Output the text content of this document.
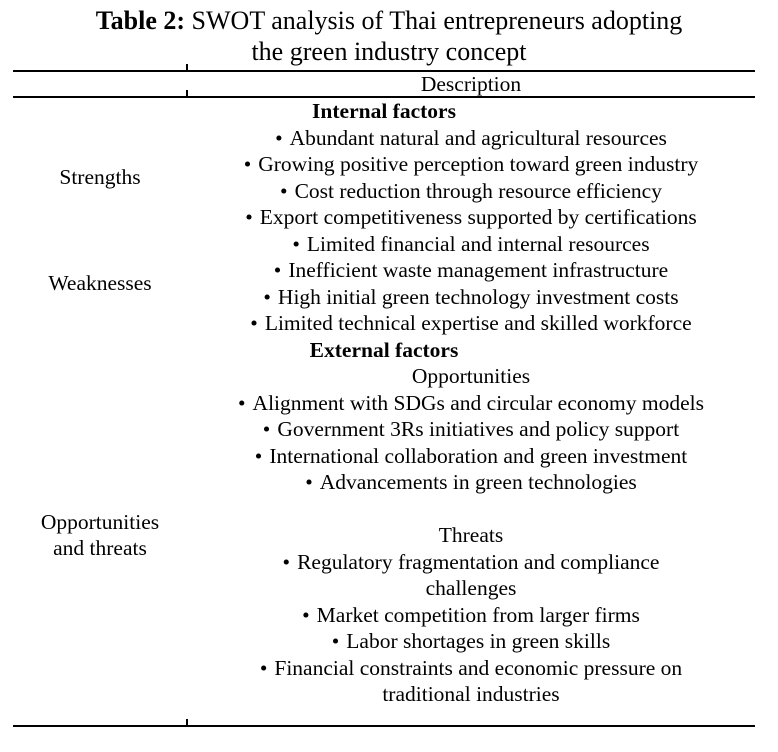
Table 2: SWOT analysis of Thai entrepreneurs adopting
the green industry concept
Description
Internal factors
Strengths
• Abundant natural and agricultural resources
• Growing positive perception toward green industry
• Cost reduction through resource efficiency
• Export competitiveness supported by certifications
Weaknesses
• Limited financial and internal resources
• Inefficient waste management infrastructure
• High initial green technology investment costs
• Limited technical expertise and skilled workforce
External factors
Opportunities and threats
Opportunities
• Alignment with SDGs and circular economy models
• Government 3Rs initiatives and policy support
• International collaboration and green investment
• Advancements in green technologies
Threats
• Regulatory fragmentation and compliance
challenges
• Market competition from larger firms
• Labor shortages in green skills
• Financial constraints and economic pressure on
traditional industries
